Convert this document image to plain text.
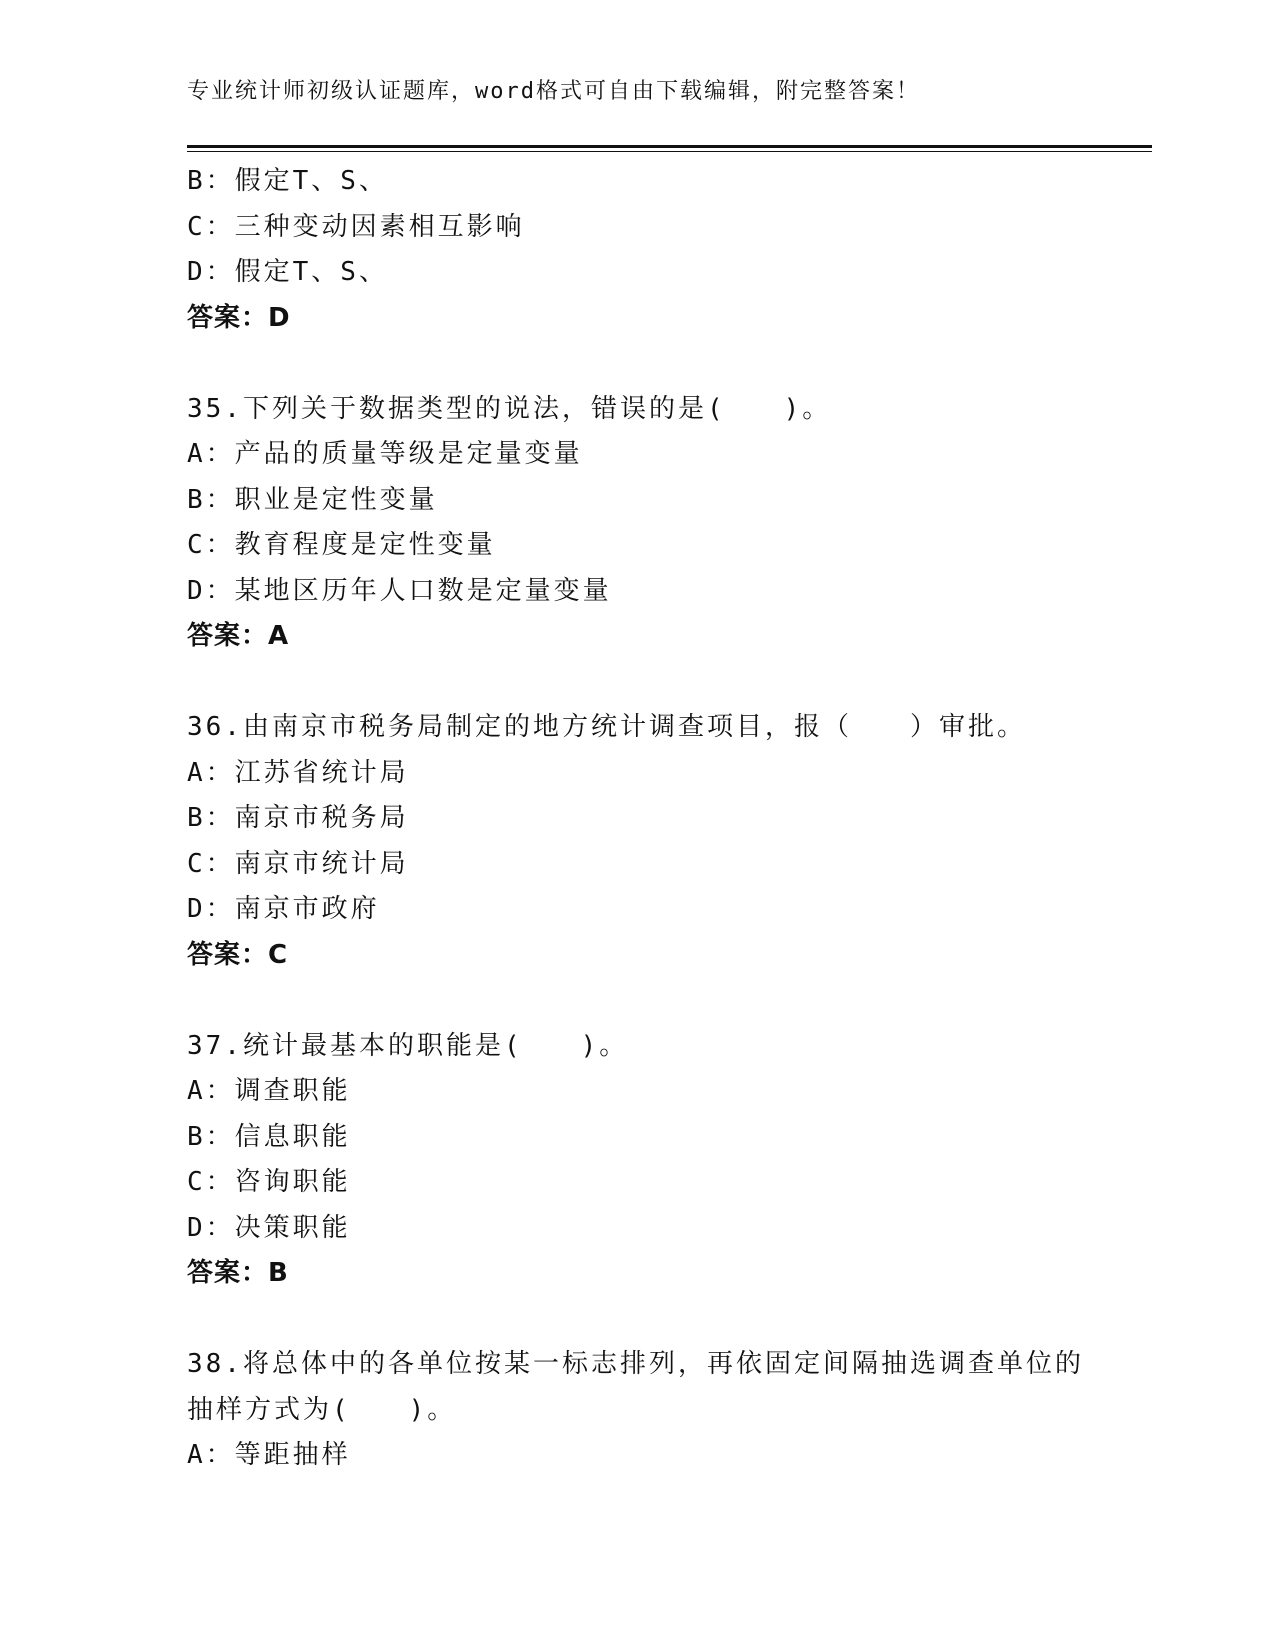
专业统计师初级认证题库，word格式可自由下载编辑，附完整答案！
B：假定T、S、
C：三种变动因素相互影响
D：假定T、S、
答案：D
35.下列关于数据类型的说法，错误的是(　　)。
A：产品的质量等级是定量变量
B：职业是定性变量
C：教育程度是定性变量
D：某地区历年人口数是定量变量
答案：A
36.由南京市税务局制定的地方统计调查项目，报（　　）审批。
A：江苏省统计局
B：南京市税务局
C：南京市统计局
D：南京市政府
答案：C
37.统计最基本的职能是(　　)。
A：调查职能
B：信息职能
C：咨询职能
D：决策职能
答案：B
38.将总体中的各单位按某一标志排列，再依固定间隔抽选调查单位的
抽样方式为(　　)。
A：等距抽样
